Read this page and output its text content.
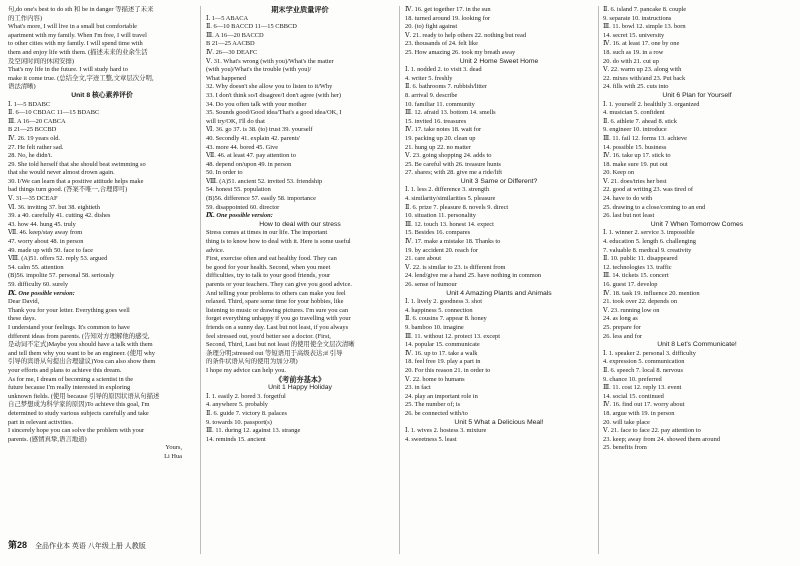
句,do one's best to do sth 和 be in danger 等描述了未来
的工作内容)
What's more, I will live in a small but comfortable
apartment with my family. When I'm free, I will travel
to other cities with my family. I will spend time with
them and enjoy life with them. (描述未来的业余生活
及空闲时间的休闲安排)
That's my life in the future. I will study hard to
make it come true. (总结全文,字迹工整,文章层次分明,
语法清晰)
Unit 8 核心素养评价
Ⅰ. 1—5 BDABC
Ⅱ. 6—10 CBDAC 11—15 BDABC
Ⅲ. A 16—20 CABCA
B 21—25 BCCBD
Ⅳ. 26. 19 years old.
27. He felt rather sad.
28. No, he didn't.
29. She told herself that she should beat swimming so
that she would never almost drown again.
30. I/We can learn that a positive attitude helps make
bad things turn good. (答案不唯一,合理即可)
Ⅴ. 31—35 DCEAF
Ⅵ. 36. inviting 37. but 38. eightieth
39. a 40. carefully 41. cutting 42. dishes
43. how 44. hung 45. truly
Ⅶ. 46. keep/stay away from
47. worry about 48. in person
49. made up with 50. face to face
Ⅷ. (A)51. offers 52. reply 53. argued
54. calm 55. attention
(B)56. impolite 57. personal 58. seriously
59. difficulty 60. surely
Ⅸ. One possible version:
Dear David,
Thank you for your letter. Everything goes well
these days.
I understand your feelings. It's common to have
different ideas from parents. (告知对方理解他的感受,
是动词不定式)Maybe you should have a talk with them
and tell them why you want to be an engineer. (使用 why
引导的宾语从句提出合理建议)You can also show them
your efforts and plans to achieve this dream.
As for me, I dream of becoming a scientist in the
future because I'm really interested in exploring
unknown fields. (使用 because 引导的原因状语从句描述
自己梦想成为科学家的原因)To achieve this goal, I'm
determined to study various subjects carefully and take
part in relevant activities.
I sincerely hope you can solve the problem with your
parents. (感情真挚,语言地道)
Yours,
Li Hua
期末学业质量评价
Ⅰ. 1—5 ABACA
Ⅱ. 6—10 BACCD 11—15 CBBCD
Ⅲ. A 16—20 BACCD
B 21—25 AACBD
Ⅳ. 26—30 DEAFC
Ⅴ. 31. What's wrong (with you)/What's the matter
(with you)/What's the trouble (with you)/
What happened
32. Why doesn't she allow you to listen to it/Why
33. I don't think so/I disagree/I don't agree (with her)
34. Do you often talk with your mother
35. Sounds good/Good idea/That's a good idea/OK, I
will try/OK, I'll do that
Ⅵ. 36. go 37. is 38. (to) trust 39. yourself
40. Secondly 41. explain 42. parents'
43. more 44. bored 45. Give
Ⅶ. 46. at least 47. pay attention to
48. depend on/upon 49. in person
50. In order to
Ⅷ. (A)51. ancient 52. invited 53. friendship
54. honest 55. population
(B)56. difference 57. easily 58. importance
59. disappointed 60. director
Ⅸ. One possible version:
How to deal with our stress
Stress comes at times in our life. The important
thing is to know how to deal with it. Here is some useful
advice.
First, exercise often and eat healthy food. They can
be good for your health. Second, when you meet
difficulties, try to talk to your good friends, your
parents or your teachers. They can give you good advice.
And telling your problems to others can make you feel
relaxed. Third, spare some time for your hobbies, like
listening to music or drawing pictures. I'm sure you can
forget everything unhappy if you go travelling with your
friends on a sunny day. Last but not least, if you always
feel stressed out, you'd better see a doctor. (First,
Second, Third, Last but not least 的使用使全文层次清晰
条理分明;stressed out 等短语用于高级表达;if 引导
的条件状语从句的使用为加分项)
I hope my advice can help you.
《考前夯基本》
Unit 1 Happy Holiday
Ⅰ. 1. easily 2. bored 3. forgetful
4. anywhere 5. probably
Ⅱ. 6. guide 7. victory 8. palaces
9. towards 10. passport(s)
Ⅲ. 11. during 12. against 13. strange
14. reminds 15. ancient
Ⅳ. 16. get together 17. in the sun
18. turned around 19. looking for
20. (to) fight against
Ⅴ. 21. ready to help others 22. nothing but read
23. thousands of 24. felt like
25. How amazing 26. took my breath away
Unit 2 Home Sweet Home
Ⅰ. 1. nodded 2. to visit 3. dead
4. writer 5. freshly
Ⅱ. 6. bathrooms 7. rubbish/litter
8. arrival 9. describe
10. familiar 11. community
Ⅲ. 12. afraid 13. bottom 14. smells
15. invited 16. treasures
Ⅳ. 17. take notes 18. wait for
19. packing up 20. clean up
21. hung up 22. no matter
Ⅴ. 23. going shopping 24. adds to
25. Be careful with 26. treasure hunts
27. shares; with 28. give me a ride/lift
Unit 3 Same or Different?
Ⅰ. 1. less 2. difference 3. strength
4. similarity/similarities 5. pleasure
Ⅱ. 6. prize 7. pleasure 8. novels 9. direct
10. situation 11. personality
Ⅲ. 12. touch 13. honest 14. expect
15. Besides 16. compares
Ⅳ. 17. make a mistake 18. Thanks to
19. by accident 20. reach for
21. care about
Ⅴ. 22. is similar to 23. is different from
24. lend/give me a hand 25. have nothing in common
26. sense of humour
Unit 4 Amazing Plants and Animals
Ⅰ. 1. lively 2. goodness 3. shot
4. happiness 5. connection
Ⅱ. 6. cousins 7. appear 8. honey
9. bamboo 10. imagine
Ⅲ. 11. without 12. protect 13. except
14. popular 15. communicate
Ⅳ. 16. up to 17. take a walk
18. feel free 19. play a part in
20. For this reason 21. in order to
Ⅴ. 22. home to humans
23. in fact
24. play an important role in
25. The number of; is
26. be connected with/to
Unit 5 What a Delicious Meal!
Ⅰ. 1. wives 2. hostess 3. mixture
4. sweetness 5. least
Ⅱ. 6. island 7. pancake 8. couple
9. separate 10. instructions
Ⅲ. 11. bowl 12. simple 13. born
14. secret 15. university
Ⅳ. 16. at least 17. one by one
18. such as 19. in a row
20. do with 21. cut up
Ⅴ. 22. warm up 23. along with
22. mixes with/and 23. Put back
24. fills with 25. cuts into
Unit 6 Plan for Yourself
Ⅰ. 1. yourself 2. healthily 3. organized
4. musician 5. confident
Ⅱ. 6. athlete 7. ahead 8. stick
9. engineer 10. introduce
Ⅲ. 11. fail 12. forms 13. achieve
14. possible 15. business
Ⅳ. 16. take up 17. stick to
18. make sure 19. put out
20. Keep on
Ⅴ. 21. does/tries her best
22. good at writing 23. was tired of
24. have to do with
25. drawing to a close/coming to an end
26. last but not least
Unit 7 When Tomorrow Comes
Ⅰ. 1. winner 2. service 3. impossible
4. education 5. length 6. challenging
7. valuable 8. medical 9. creativity
Ⅱ. 10. public 11. disappeared
12. technologies 13. traffic
Ⅲ. 14. tickets 15. concert
16. guest 17. develop
Ⅳ. 18. task 19. influence 20. mention
21. took over 22. depends on
Ⅴ. 23. running low on
24. as long as
25. prepare for
26. less and for
Unit 8 Let's Communicate!
Ⅰ. 1. speaker 2. personal 3. difficulty
4. expression 5. communication
Ⅱ. 6. speech 7. local 8. nervous
9. chance 10. preferred
Ⅲ. 11. cost 12. reply 13. event
14. social 15. continued
Ⅳ. 16. find out 17. worry about
18. argue with 19. in person
20. will take place
Ⅴ. 21. face to face 22. pay attention to
23. keep; away from 24. showed them around
25. benefits from
第28 全品作业本 英语 八年级上册 人教版
